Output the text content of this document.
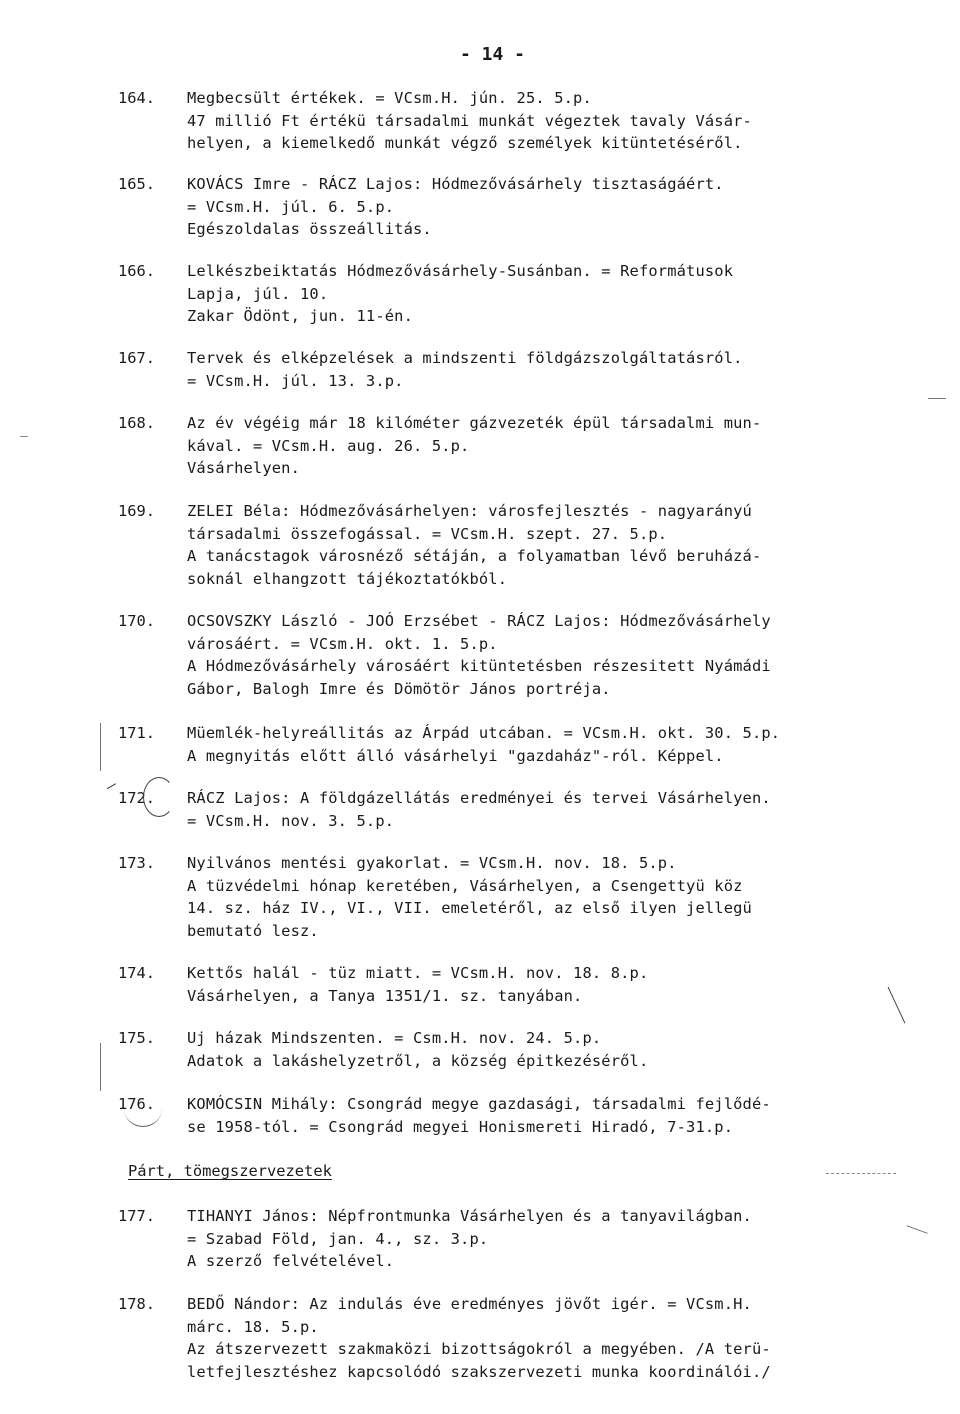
- 14 -
164.	Megbecsült értékek. = VCsm.H. jún. 25. 5.p.
47 millió Ft értékü társadalmi munkát végeztek tavaly Vásár-
helyen, a kiemelkedő munkát végző személyek kitüntetéséről.
165.	KOVÁCS Imre - RÁCZ Lajos: Hódmezővásárhely tisztaságáért.
= VCsm.H. júl. 6. 5.p.
Egészoldalas összeállitás.
166.	Lelkészbeiktatás Hódmezővásárhely-Susánban. = Reformátusok
Lapja, júl. 10.
Zakar Ödönt, jun. 11-én.
167.	Tervek és elképzelések a mindszenti földgázszolgáltatásról.
= VCsm.H. júl. 13. 3.p.
168.	Az év végéig már 18 kilóméter gázvezeték épül társadalmi mun-
kával. = VCsm.H. aug. 26. 5.p.
Vásárhelyen.
169.	ZELEI Béla: Hódmezővásárhelyen: városfejlesztés - nagyarányú
társadalmi összefogással. = VCsm.H. szept. 27. 5.p.
A tanácstagok városnéző sétáján, a folyamatban lévő beruházá-
soknál elhangzott tájékoztatókból.
170.	OCSOVSZKY László - JOÓ Erzsébet - RÁCZ Lajos: Hódmezővásárhely
városáért. = VCsm.H. okt. 1. 5.p.
A Hódmezővásárhely városáért kitüntetésben részesitett Nyámádi
Gábor, Balogh Imre és Dömötör János portréja.
171.	Müemlék-helyreállitás az Árpád utcában. = VCsm.H. okt. 30. 5.p.
A megnyitás előtt álló vásárhelyi "gazdaház"-ról. Képpel.
172.	RÁCZ Lajos: A földgázellátás eredményei és tervei Vásárhelyen.
= VCsm.H. nov. 3. 5.p.
173.	Nyilvános mentési gyakorlat. = VCsm.H. nov. 18. 5.p.
A tüzvédelmi hónap keretében, Vásárhelyen, a Csengettyü köz
14. sz. ház IV., VI., VII. emeletéről, az első ilyen jellegü
bemutató lesz.
174.	Kettős halál - tüz miatt. = VCsm.H. nov. 18. 8.p.
Vásárhelyen, a Tanya 1351/1. sz. tanyában.
175.	Uj házak Mindszenten. = Csm.H. nov. 24. 5.p.
Adatok a lakáshelyzetről, a község épitkezéséről.
176.	KOMÓCSIN Mihály: Csongrád megye gazdasági, társadalmi fejlődé-
se 1958-tól. = Csongrád megyei Honismereti Hiradó, 7-31.p.
Párt, tömegszervezetek
177.	TIHANYI János: Népfrontmunka Vásárhelyen és a tanyavilágban.
= Szabad Föld, jan. 4., sz. 3.p.
A szerző felvételével.
178.	BEDŐ Nándor: Az indulás éve eredményes jövőt igér. = VCsm.H.
márc. 18. 5.p.
Az átszervezett szakmaközi bizottságokról a megyében. /A terü-
letfejlesztéshez kapcsolódó szakszervezeti munka koordinálói./
